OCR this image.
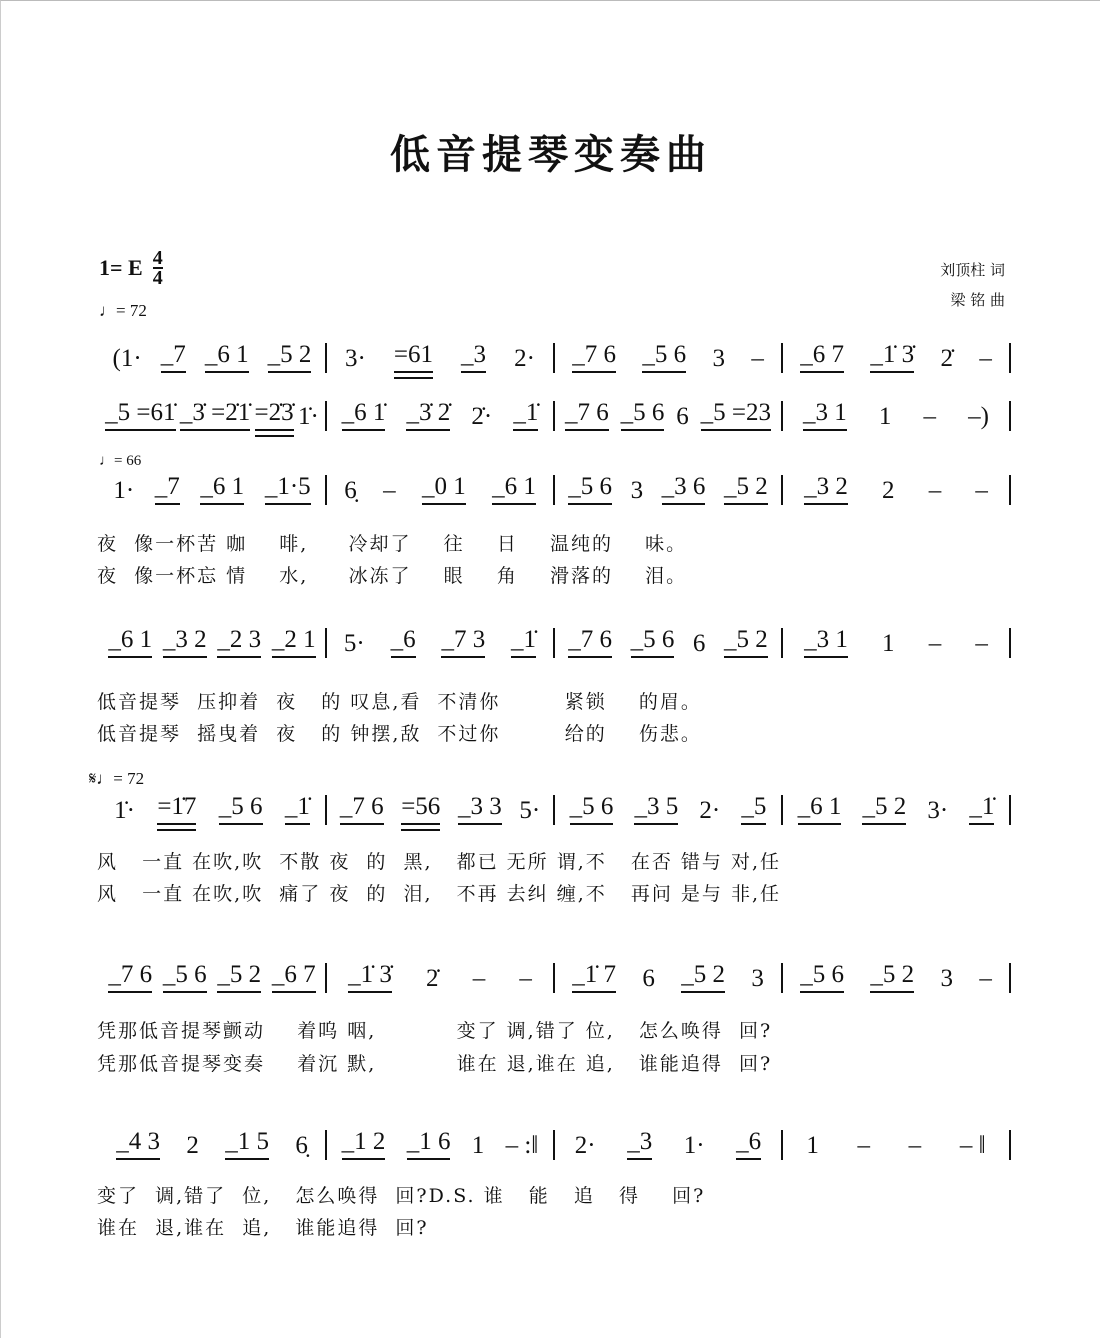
低音提琴变奏曲
1= E $\frac{4}{4}$
♩= 72
♩= 66
𝄋♩= 72
刘顶柱 词
梁 铭 曲
(1· _7 _6 1 _5 2 3· =61 _3 2· _7 6 _5 6 3 – _6 7 _1̇ 3̇ 2̇ –
_5 =61̇ _3̇ =2̇1̇ =2̇3̇ 1̇· _6 1̇ _3̇ 2̇ 2̇· _1̇ _7 6 _5 6 6 _5 =23 _3 1 1 – –)
1· _7 _6 1 _1·5 6̣ – _0 1 _6 1 _5 6 3 _3 6 _5 2 _3 2 2 – –
夜  像一杯苦 咖    啡,     冷却了    往    日    温纯的    味。
夜  像一杯忘 情    水,     冰冻了    眼    角    滑落的    泪。
_6 1 _3 2 _2 3 _2 1 5· _6 _7 3 _1̇ _7 6 _5 6 6 _5 2 _3 1 1 – –
低音提琴  压抑着  夜   的 叹息,看  不清你        紧锁    的眉。
低音提琴  摇曳着  夜   的 钟摆,敌  不过你        给的    伤悲。
1̇· =1̇7 _5 6 _1̇ _7 6 =56 _3 3 5· _5 6 _3 5 2· _5 _6 1 _5 2 3· _1̇
风   一直 在吹,吹  不散 夜  的  黑,   都已 无所 谓,不   在否 错与 对,任
风   一直 在吹,吹  痛了 夜  的  泪,   不再 去纠 缠,不   再问 是与 非,任
_7 6 _5 6 _5 2 _6 7 _1̇ 3̇ 2̇ – – _1̇ 7 6 _5 2 3 _5 6 _5 2 3 –
凭那低音提琴颤动    着呜 咽,          变了 调,错了 位,   怎么唤得  回?
凭那低音提琴变奏    着沉 默,          谁在 退,谁在 追,   谁能追得  回?
_4 3 2 _1 5 6̣ _1 2 _1 6 1 – :‖ 2· _3 1· _6 1 – – – ‖
变了  调,错了  位,   怎么唤得  回?D.S. 谁   能   追   得    回?
谁在  退,谁在  追,   谁能追得  回?
